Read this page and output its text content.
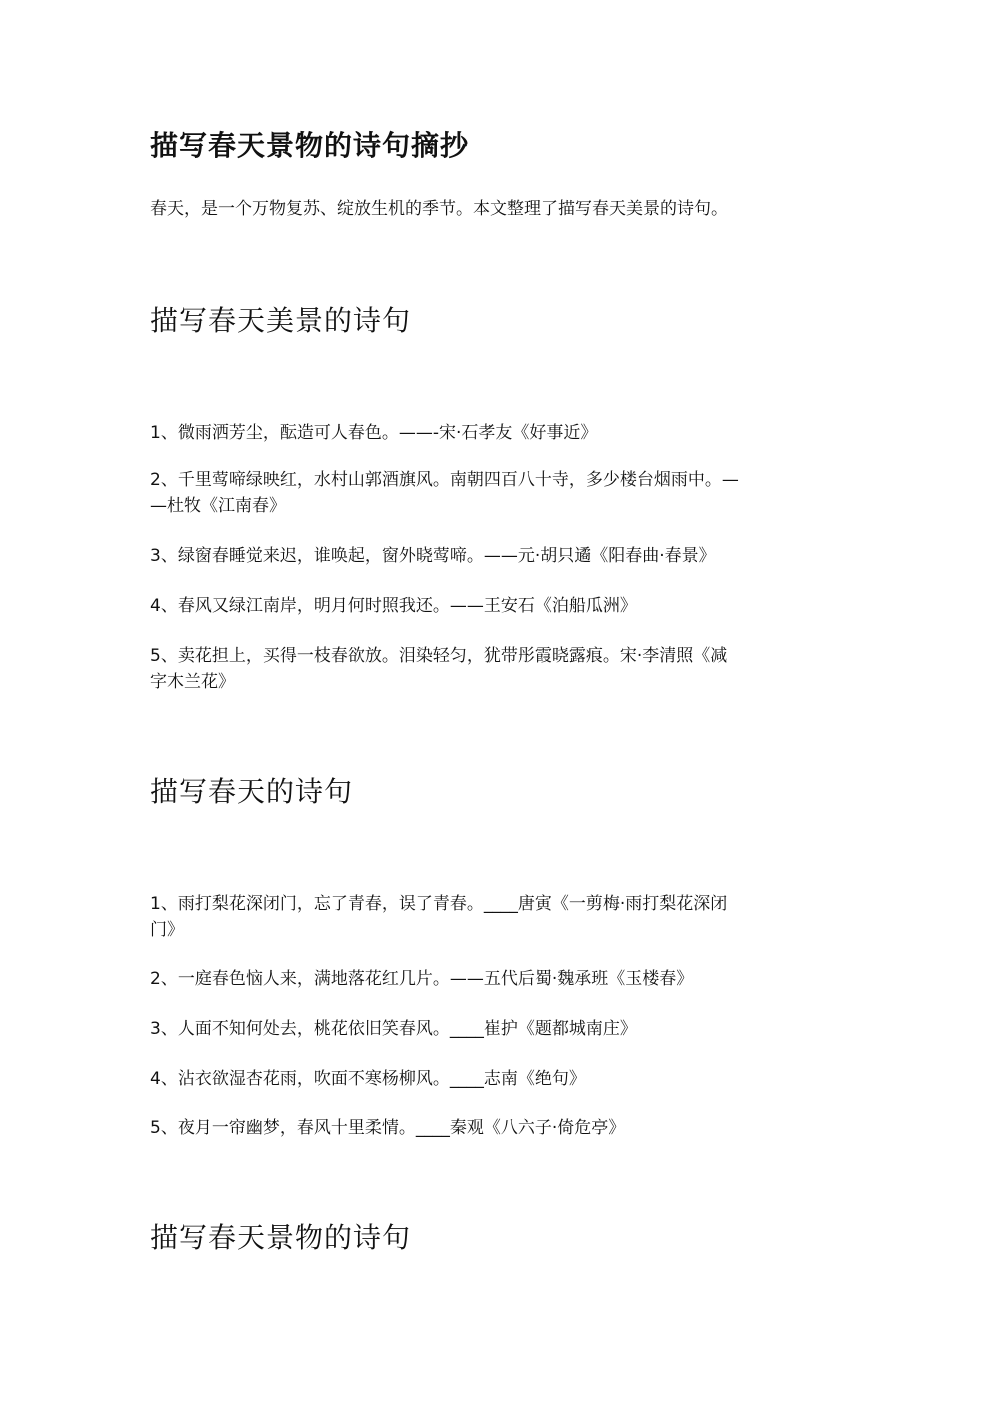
描写春天景物的诗句摘抄

春天，是一个万物复苏、绽放生机的季节。本文整理了描写春天美景的诗句。

描写春天美景的诗句

1、微雨洒芳尘，酝造可人春色。——-宋·石孝友《好事近》

2、千里莺啼绿映红，水村山郭酒旗风。南朝四百八十寺，多少楼台烟雨中。—
—杜牧《江南春》

3、绿窗春睡觉来迟，谁唤起，窗外晓莺啼。——元·胡只遹《阳春曲·春景》

4、春风又绿江南岸，明月何时照我还。——王安石《泊船瓜洲》

5、卖花担上，买得一枝春欲放。泪染轻匀，犹带彤霞晓露痕。宋·李清照《减
字木兰花》

描写春天的诗句

1、雨打梨花深闭门，忘了青春，误了青春。____唐寅《一剪梅·雨打梨花深闭
门》

2、一庭春色恼人来，满地落花红几片。——五代后蜀·魏承班《玉楼春》

3、人面不知何处去，桃花依旧笑春风。____崔护《题都城南庄》

4、沾衣欲湿杏花雨，吹面不寒杨柳风。____志南《绝句》

5、夜月一帘幽梦，春风十里柔情。____秦观《八六子·倚危亭》

描写春天景物的诗句
